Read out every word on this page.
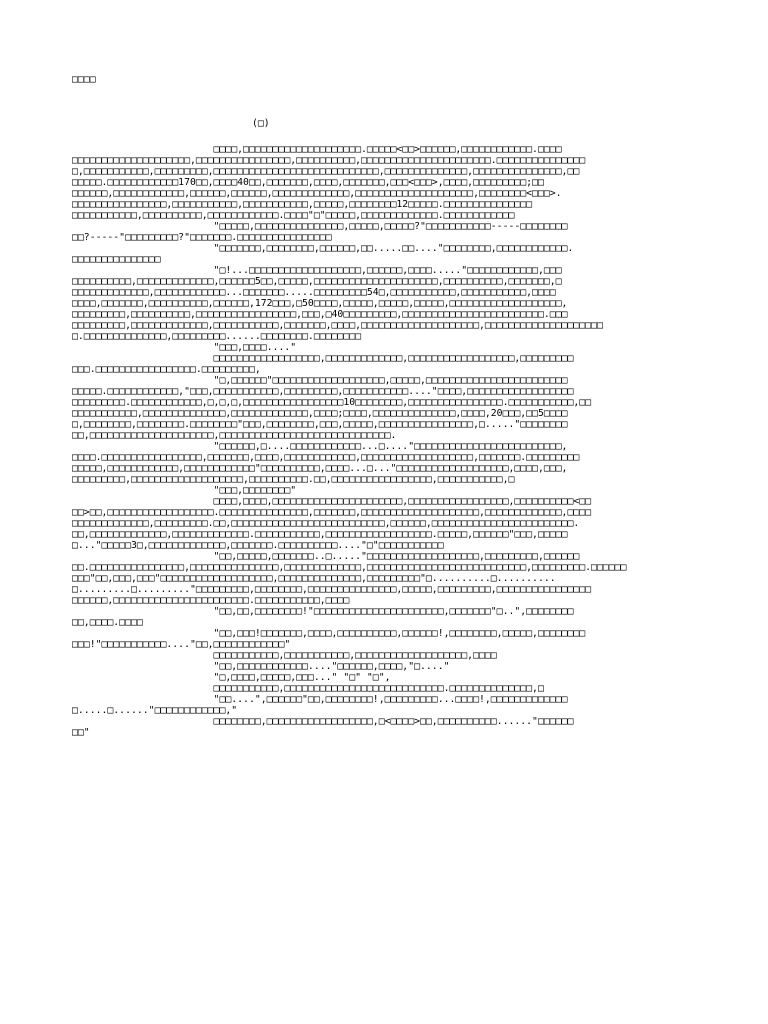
□□□□
(□)
□□□□,□□□□□□□□□□□□□□□□□□□□.□□□□□<□□>□□□□□□,□□□□□□□□□□□□.□□□□
□□□□□□□□□□□□□□□□□□□□,□□□□□□□□□□□□□□□□,□□□□□□□□□□,□□□□□□□□□□□□□□□□□□□□□□.□□□□□□□□□□□□□□□
□,□□□□□□□□□□□,□□□□□□□□□,□□□□□□□□□□□□□□□□□□□□□□□□□□□□,□□□□□□□□□□□□□□,□□□□□□□□□□□□□□□,□□
□□□□□.□□□□□□□□□□□□170□□,□□□□40□□,□□□□□□□,□□□□,□□□□□□□,□□□<□□□>,□□□□,□□□□□□□□□;□□
□□□□□□,□□□□□□□□□□□□,□□□□□□,□□□□□□,□□□□□□□□□□□□□,□□□□□□□□□□□□□□□□□□□□,□□□□□□□□<□□□>.
□□□□□□□□□□□□□□□□,□□□□□□□□□□□,□□□□□□□□□□□,□□□□□,□□□□□□□□12□□□□□.□□□□□□□□□□□□□□□
□□□□□□□□□□□,□□□□□□□□□□,□□□□□□□□□□□□.□□□□"□"□□□□□,□□□□□□□□□□□□□.□□□□□□□□□□□□
"□□□□□,□□□□□□□□□□□□□□□,□□□□□,□□□□□?"□□□□□□□□□□□-----□□□□□□□□
□□?-----"□□□□□□□□□?"□□□□□□□.□□□□□□□□□□□□□□□□
"□□□□□□□,□□□□□□□□,□□□□□□,□□.....□□...."□□□□□□□□,□□□□□□□□□□□□.
□□□□□□□□□□□□□□□
"□!...□□□□□□□□□□□□□□□□□□□,□□□□□□,□□□□....."□□□□□□□□□□□□,□□□
□□□□□□□□□□,□□□□□□□□□□□□□,□□□□□□5□□,□□□□□,□□□□□□□□□□□□□□□□□□□□□,□□□□□□□□□□,□□□□□□□,□
□□□□□□□□□□□□□,□□□□□□□□□□□□...□□□□□□□.....□□□□□□□□□54□,□□□□□□□□□□□,□□□□□□□□□□□,□□□□
□□□□,□□□□□□□,□□□□□□□□□□,□□□□□□,172□□□,□50□□□□,□□□□□,□□□□□,□□□□□,□□□□□□□□□□□□□□□□□□□,
□□□□□□□□□,□□□□□□□□□□,□□□□□□□□□□□□□□□□□,□□□,□40□□□□□□□□□,□□□□□□□□□□□□□□□□□□□□□□□□.□□□
□□□□□□□□□,□□□□□□□□□□□□□,□□□□□□□□□□□,□□□□□□□,□□□□,□□□□□□□□□□□□□□□□□□□□,□□□□□□□□□□□□□□□□□□□□
□.□□□□□□□□□□□□□□,□□□□□□□□□......□□□□□□□□.□□□□□□□□
"□□□,□□□□...."
□□□□□□□□□□□□□□□□□□,□□□□□□□□□□□□□,□□□□□□□□□□□□□□□□□□,□□□□□□□□□
□□□.□□□□□□□□□□□□□□□□□.□□□□□□□□□,
"□,□□□□□□"□□□□□□□□□□□□□□□□□□□,□□□□□,□□□□□□□□□□□□□□□□□□□□□□□□
□□□□□.□□□□□□□□□□□□,"□□□,□□□□□□□□□□□,□□□□□□□□□,□□□□□□□□□□□...."□□□□,□□□□□□□□□□□□□□□□□□
□□□□□□□□□.□□□□□□□□□□□□,□,□,□,□□□□□□□□□□□□□□□□□10□□□□□□□□,□□□□□□□□□□□□□□□□.□□□□□□□□□□□,□□
□□□□□□□□□□□,□□□□□□□□□□□□□□,□□□□□□□□□□□□□,□□□□;□□□□,□□□□□□□□□□□□□□,□□□□,20□□□,□□5□□□□
□,□□□□□□□□,□□□□□□□□.□□□□□□□□"□□□,□□□□□□□□,□□□,□□□□□,□□□□□□□□□□□□□□□□,□....."□□□□□□□□
□□,□□□□□□□□□□□□□□□□□□□□□,□□□□□□□□□□□□□□□□□□□□□□□□□□□□□.
"□□□□□□,□....□□□□□□□□□□□□...□...."□□□□□□□□□□□□□□□□□□□□□□□□□,
□□□□.□□□□□□□□□□□□□□□□□,□□□□□□□,□□□□,□□□□□□□□□□□□,□□□□□□□□□□□□□□□□□□□,□□□□□□□.□□□□□□□□□
□□□□□,□□□□□□□□□□□□,□□□□□□□□□□□□"□□□□□□□□□□,□□□□...□..."□□□□□□□□□□□□□□□□□□□,□□□□,□□□,
□□□□□□□□□,□□□□□□□□□□□□□□□□□□□,□□□□□□□□□□.□□,□□□□□□□□□□□□□□□□□,□□□□□□□□□□□,□
"□□□,□□□□□□□□"
□□□□,□□□□,□□□□□□□□□□□□□□□□□□□□□□,□□□□□□□□□□□□□□□□□,□□□□□□□□□□<□□
□□>□□,□□□□□□□□□□□□□□□□□□.□□□□□□□□□□□□□□□,□□□□□□□,□□□□□□□□□□□□□□□□□□□□,□□□□□□□□□□□□□,□□□□
□□□□□□□□□□□□□,□□□□□□□□□.□□,□□□□□□□□□□□□□□□□□□□□□□□□□□,□□□□□□,□□□□□□□□□□□□□□□□□□□□□□□□.
□□,□□□□□□□□□□□□□,□□□□□□□□□□□□□.□□□□□□□□□□□,□□□□□□□□□□□□□□□□□□.□□□□□,□□□□□□"□□□,□□□□□
□..."□□□□□3□,□□□□□□□□□□□□□,□□□□□□□.□□□□□□□□□□...."□"□□□□□□□□□□□
"□□,□□□□□,□□□□□□□..□....."□□□□□□□□□□□□□□□□□□□,□□□□□□□□□,□□□□□□
□□.□□□□□□□□□□□□□□□□,□□□□□□□□□□□□□□□,□□□□□□□□□□□□□,□□□□□□□□□□□□□□□□□□□□□□□□□□□,□□□□□□□□□.□□□□□□
□□□"□□,□□□,□□□"□□□□□□□□□□□□□□□□□□□,□□□□□□□□□□□□□□,□□□□□□□□□"□..........□..........
□.........□........."□□□□□□□□□,□□□□□□□□,□□□□□□□□□□□□□□□,□□□□□,□□□□□□□□□,□□□□□□□□□□□□□□□□
□□□□□□,□□□□□□□□□□□□□□□□□□□□□□□.□□□□□□□□□□□,□□□□
"□□,□□,□□□□□□□□!"□□□□□□□□□□□□□□□□□□□□□□,□□□□□□□"□..",□□□□□□□□
□□,□□□□.□□□□
"□□,□□□!□□□□□□□,□□□□,□□□□□□□□□□,□□□□□□!,□□□□□□□□,□□□□□,□□□□□□□□
□□□!"□□□□□□□□□□□...."□□,□□□□□□□□□□□□"
□□□□□□□□□□□,□□□□□□□□□□□,□□□□□□□□□□□□□□□□□□□,□□□□
"□□,□□□□□□□□□□□□...."□□□□□□,□□□□,"□...."
"□,□□□□,□□□□□,□□□..." "□" "□",
□□□□□□□□□□□,□□□□□□□□□□□□□□□□□□□□□□□□□□□.□□□□□□□□□□□□□□,□
"□□....",□□□□□□"□□,□□□□□□□□!,□□□□□□□□□...□□□□!,□□□□□□□□□□□□□
□.....□......"□□□□□□□□□□□□,"
□□□□□□□□,□□□□□□□□□□□□□□□□□□,□<□□□□>□□,□□□□□□□□□□......"□□□□□□
□□"
